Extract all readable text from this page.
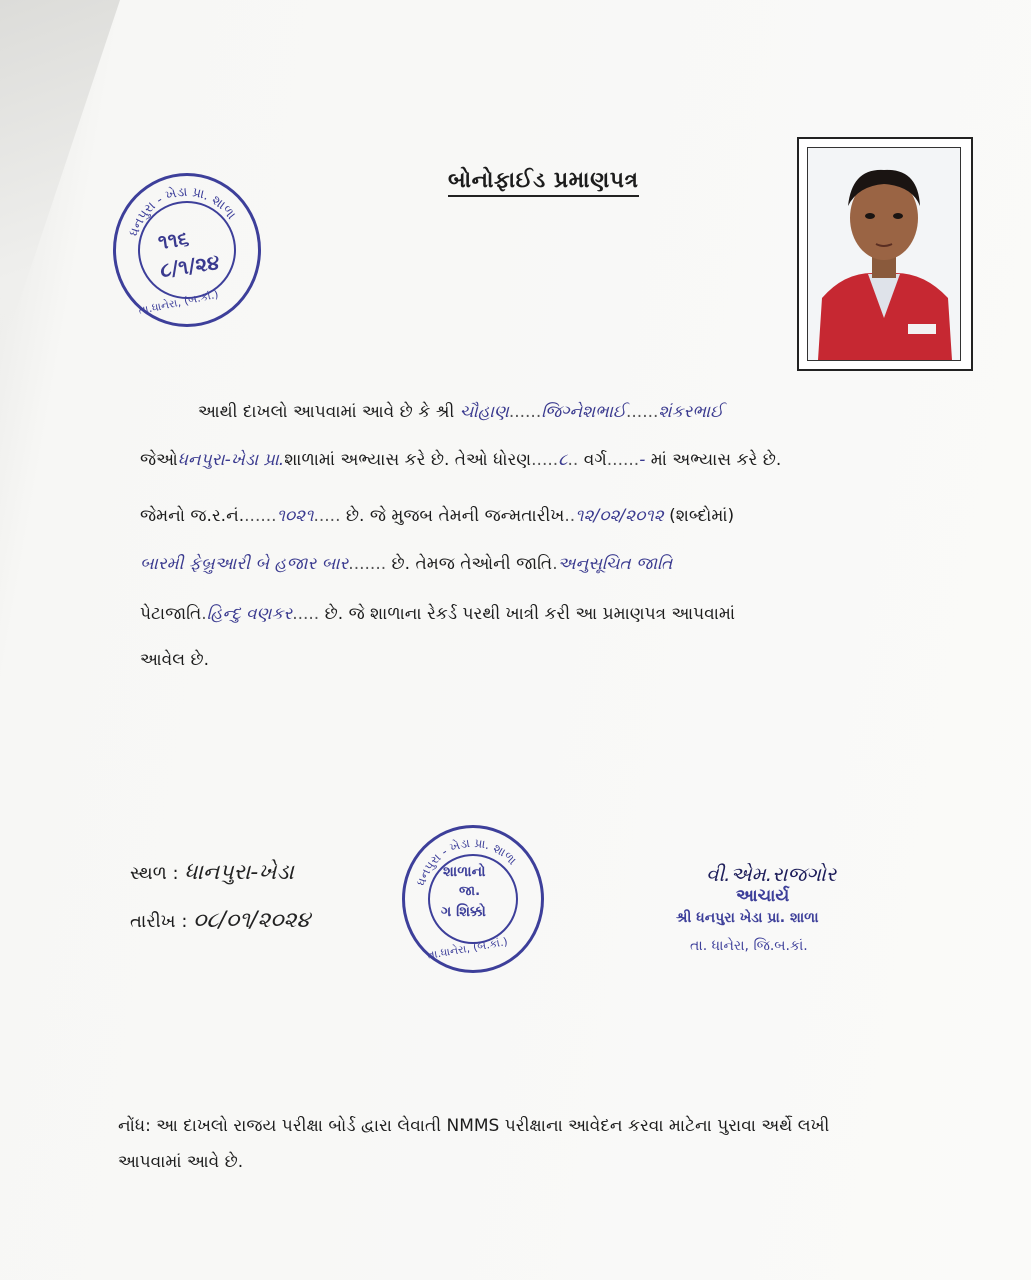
ધનપુરા - ખેડા પ્રા. શાળા
૧૧૬
૮/૧/૨૪
તા.ધાનેરા, (બ.કાં.)
બોનોફાઈડ પ્રમાણપત્ર
આથી દાખલો આપવામાં આવે છે કે શ્રી ચૌહાણ......જિગ્નેશભાઈ......શંકરભાઈ
જેઓધનપુરા-ખેડા પ્રા.શાળામાં અભ્યાસ કરે છે. તેઓ ધોરણ.....૮.. વર્ગ......- માં અભ્યાસ કરે છે.
જેમનો જ.ર.નં.......૧૦૨૧..... છે. જે મુજબ તેમની જન્મતારીખ..૧૨/૦૨/૨૦૧૨ (શબ્દોમાં)
બારમી ફેબ્રુઆરી બે હજાર બાર....... છે. તેમજ તેઓની જાતિ.અનુસૂચિત જાતિ
પેટાજાતિ.હિન્દુ વણકર..... છે. જે શાળાના રેકર્ડ પરથી ખાત્રી કરી આ પ્રમાણપત્ર આપવામાં
આવેલ છે.
સ્થળ : ધાનપુરા-ખેડા
તારીખ : ૦૮/૦૧/૨૦૨૪
ધનપુરા - ખેડા પ્રા. શાળા
શાળાનો
જા.
ગ શિક્કો
તા.ધાનેરા, (બ.કાં.)
વી.એમ.રાજગોર
આચાર્ય
શ્રી ધનપુરા ખેડા પ્રા. શાળા
તા. ધાનેરા, જિ.બ.કાં.
નોંધ: આ દાખલો રાજય પરીક્ષા બોર્ડ દ્વારા લેવાતી NMMS પરીક્ષાના આવેદન કરવા માટેના પુરાવા અર્થે લખી આપવામાં આવે છે.
